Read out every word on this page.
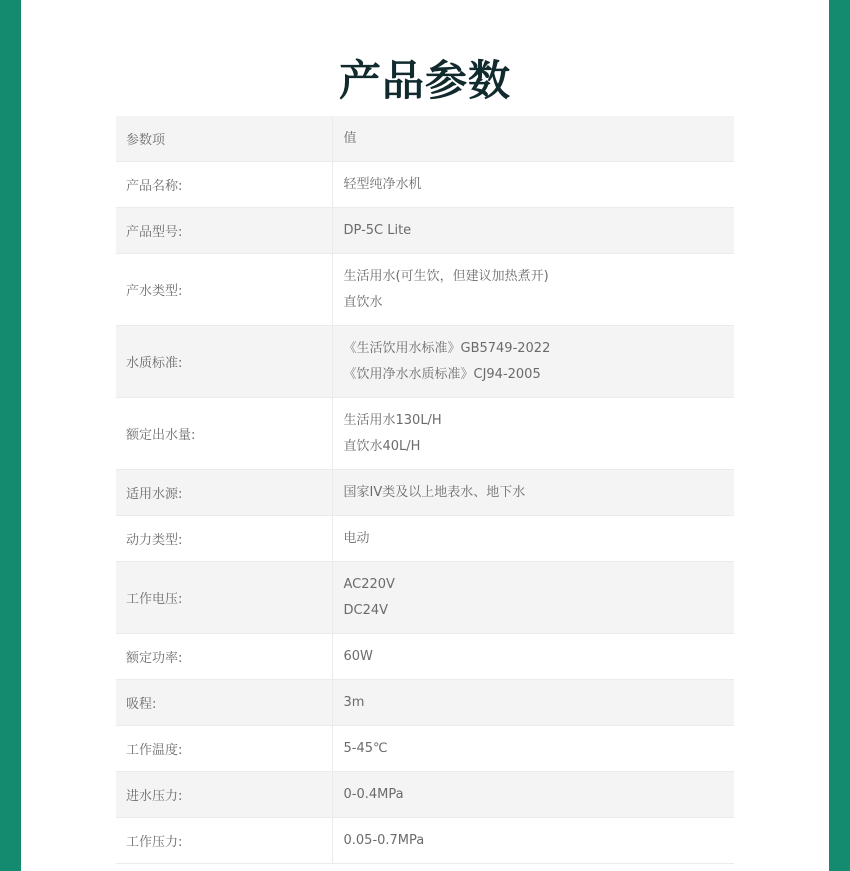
产品参数
参数项	值

产品名称:	轻型纯净水机

产品型号:	DP-5C Lite

产水类型:	生活用水(可生饮，但建议加热煮开)
直饮水

水质标准:	《生活饮用水标准》GB5749-2022
《饮用净水水质标准》CJ94-2005

额定出水量:	生活用水130L/H
直饮水40L/H

适用水源:	国家IV类及以上地表水、地下水

动力类型:	电动

工作电压:	AC220V
DC24V

额定功率:	60W

吸程:	3m

工作温度:	5-45℃

进水压力:	0-0.4MPa

工作压力:	0.05-0.7MPa
